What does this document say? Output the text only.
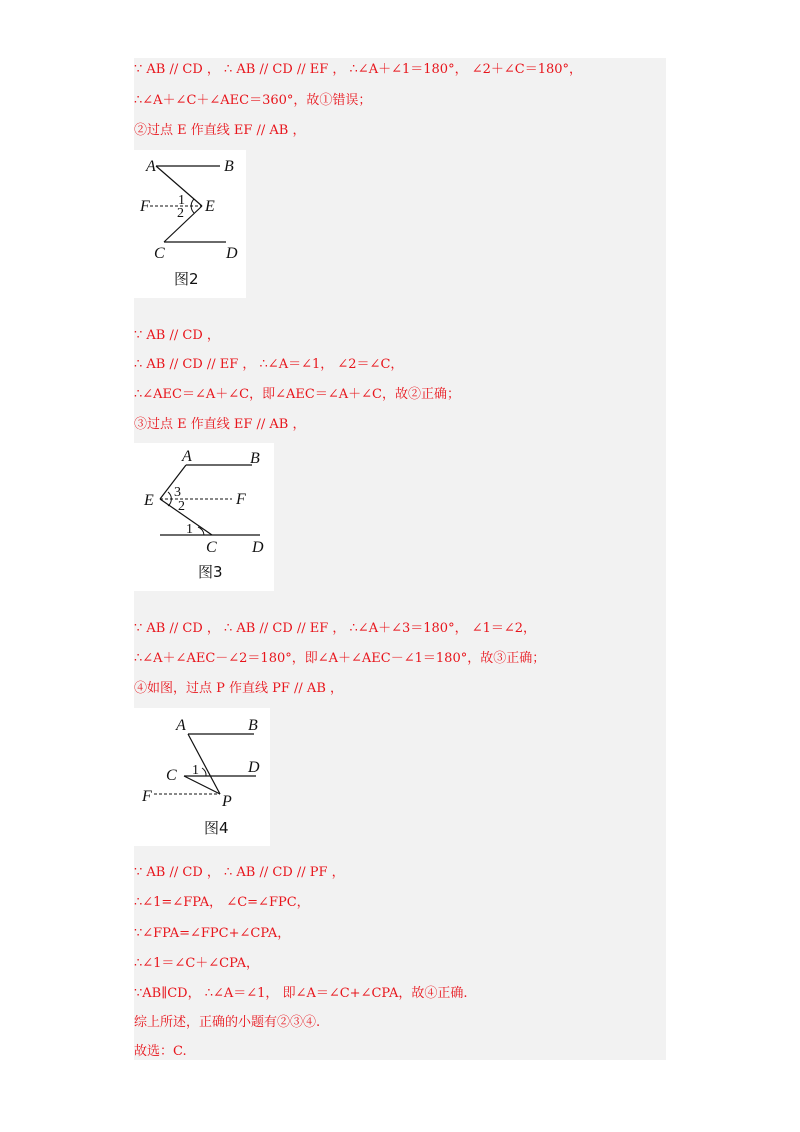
∵ AB // CD ， ∴ AB // CD // EF ， ∴∠A＋∠1＝180°， ∠2＋∠C＝180°，
∴∠A＋∠C＋∠AEC＝360°，故①错误；
②过点 E 作直线 EF // AB ，
A	B
F	E
1
2
C	D
图2
∵ AB // CD ，
∴ AB // CD // EF ， ∴∠A＝∠1， ∠2＝∠C，
∴∠AEC＝∠A＋∠C，即∠AEC＝∠A＋∠C，故②正确；
③过点 E 作直线 EF // AB ，
A	B
E	F
3
2
1
C D
图3
∵ AB // CD ， ∴ AB // CD // EF ， ∴∠A＋∠3＝180°， ∠1＝∠2，
∴∠A＋∠AEC－∠2＝180°，即∠A＋∠AEC－∠1＝180°，故③正确；
④如图，过点 P 作直线 PF // AB ，
A	B
C 1	D
F	P
图4
∵ AB // CD ， ∴ AB // CD // PF ，
∴∠1=∠FPA， ∠C=∠FPC，
∵∠FPA=∠FPC+∠CPA，
∴∠1＝∠C＋∠CPA，
∵AB∥CD， ∴∠A＝∠1， 即∠A＝∠C+∠CPA，故④正确.
综上所述，正确的小题有②③④.
故选：C.
